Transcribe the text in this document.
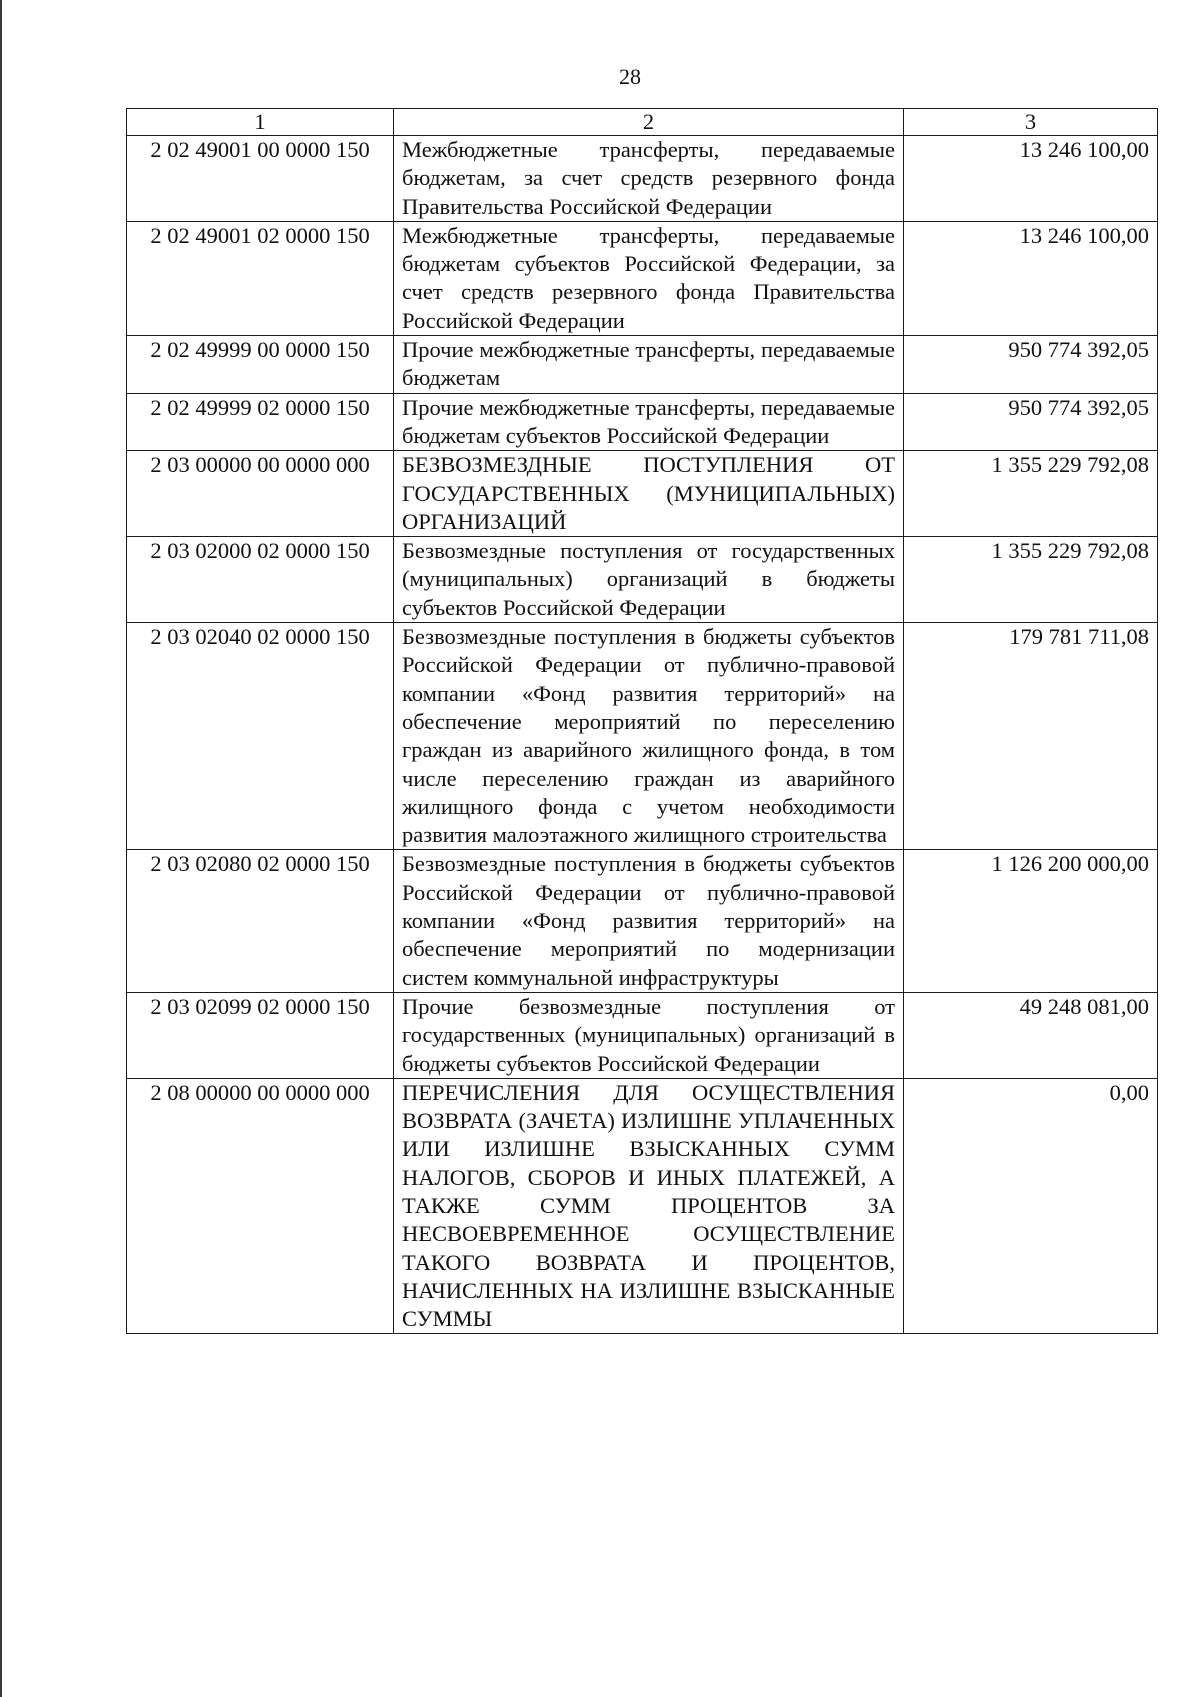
28
1	2	3
2 02 49001 00 0000 150	Межбюджетные трансферты, передаваемые бюджетам, за счет средств резервного фонда Правительства Российской Федерации	13 246 100,00
2 02 49001 02 0000 150	Межбюджетные трансферты, передаваемые бюджетам субъектов Российской Федерации, за счет средств резервного фонда Правительства Российской Федерации	13 246 100,00
2 02 49999 00 0000 150	Прочие межбюджетные трансферты, передаваемые бюджетам	950 774 392,05
2 02 49999 02 0000 150	Прочие межбюджетные трансферты, передаваемые бюджетам субъектов Российской Федерации	950 774 392,05
2 03 00000 00 0000 000	БЕЗВОЗМЕЗДНЫЕ ПОСТУПЛЕНИЯ ОТ ГОСУДАРСТВЕННЫХ (МУНИЦИПАЛЬНЫХ) ОРГАНИЗАЦИЙ	1 355 229 792,08
2 03 02000 02 0000 150	Безвозмездные поступления от государственных (муниципальных) организаций в бюджеты субъектов Российской Федерации	1 355 229 792,08
2 03 02040 02 0000 150	Безвозмездные поступления в бюджеты субъектов Российской Федерации от публично-правовой компании «Фонд развития территорий» на обеспечение мероприятий по переселению граждан из аварийного жилищного фонда, в том числе переселению граждан из аварийного жилищного фонда с учетом необходимости развития малоэтажного жилищного строительства	179 781 711,08
2 03 02080 02 0000 150	Безвозмездные поступления в бюджеты субъектов Российской Федерации от публично-правовой компании «Фонд развития территорий» на обеспечение мероприятий по модернизации систем коммунальной инфраструктуры	1 126 200 000,00
2 03 02099 02 0000 150	Прочие безвозмездные поступления от государственных (муниципальных) организаций в бюджеты субъектов Российской Федерации	49 248 081,00
2 08 00000 00 0000 000	ПЕРЕЧИСЛЕНИЯ ДЛЯ ОСУЩЕСТВЛЕНИЯ ВОЗВРАТА (ЗАЧЕТА) ИЗЛИШНЕ УПЛАЧЕННЫХ ИЛИ ИЗЛИШНЕ ВЗЫСКАННЫХ СУММ НАЛОГОВ, СБОРОВ И ИНЫХ ПЛАТЕЖЕЙ, А ТАКЖЕ СУММ ПРОЦЕНТОВ ЗА НЕСВОЕВРЕМЕННОЕ ОСУЩЕСТВЛЕНИЕ ТАКОГО ВОЗВРАТА И ПРОЦЕНТОВ, НАЧИСЛЕННЫХ НА ИЗЛИШНЕ ВЗЫСКАННЫЕ СУММЫ	0,00
